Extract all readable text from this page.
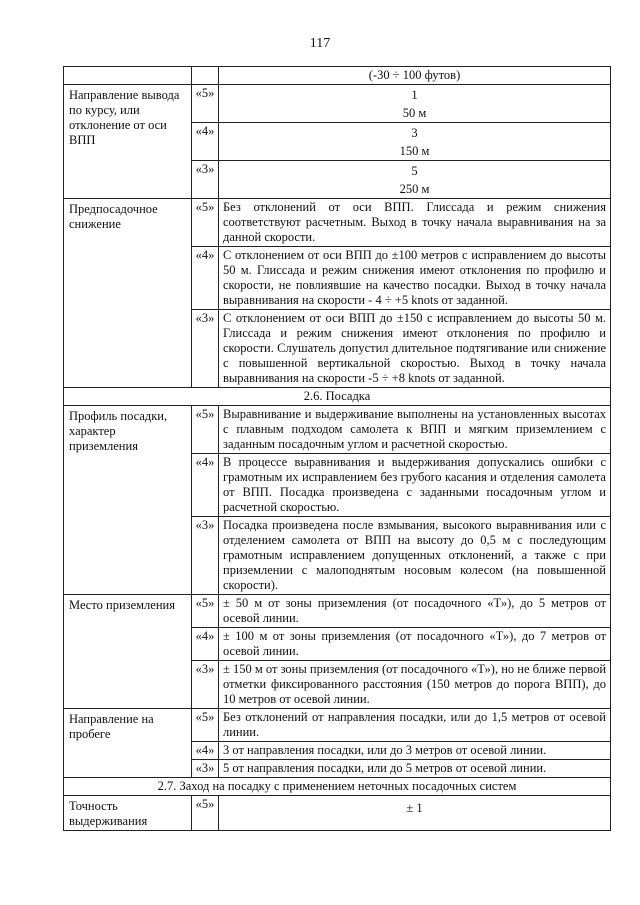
117
		(-30 ÷ 100 футов)
Направление вывода по курсу, или отклонение от оси ВПП	«5»	1
50 м

	«4»	3
150 м

	«3»	5
250 м

Предпосадочное снижение	«5»	Без отклонений от оси ВПП. Глиссада и режим снижения соответствуют расчетным. Выход в точку начала выравнивания на за данной скорости.
	«4»	С отклонением от оси ВПП до ±100 метров с исправлением до высоты 50 м. Глиссада и режим снижения имеют отклонения по профилю и скорости, не повлиявшие на качество посадки. Выход в точку начала выравнивания на скорости - 4 ÷ +5 knots от заданной.
	«3»	С отклонением от оси ВПП до ±150 с исправлением до высоты 50 м. Глиссада и режим снижения имеют отклонения по профилю и скорости. Слушатель допустил длительное подтягивание или снижение с повышенной вертикальной скоростью. Выход в точку начала выравнивания на скорости -5 ÷ +8 knots от заданной.
2.6. Посадка		
Профиль посадки, характер приземления	«5»	Выравнивание и выдерживание выполнены на установленных высотах с плавным подходом самолета к ВПП и мягким приземлением с заданным посадочным углом и расчетной скоростью.
	«4»	В процессе выравнивания и выдерживания допускались ошибки с грамотным их исправлением без грубого касания и отделения самолета от ВПП. Посадка произведена с заданными посадочным углом и расчетной скоростью.
	«3»	Посадка произведена после взмывания, высокого выравнивания или с отделением самолета от ВПП на высоту до 0,5 м с последующим грамотным исправлением допущенных отклонений, а также с при приземлении с малоподнятым носовым колесом (на повышенной скорости).
Место приземления	«5»	± 50 м от зоны приземления (от посадочного «Т»), до 5 метров от осевой линии.
	«4»	± 100 м от зоны приземления (от посадочного «Т»), до 7 метров от осевой линии.
	«3»	± 150 м от зоны приземления (от посадочного «Т»), но не ближе первой отметки фиксированного расстояния (150 метров до порога ВПП), до 10 метров от осевой линии.
Направление на пробеге	«5»	Без отклонений от направления посадки, или до 1,5 метров от осевой линии.
	«4»	3 от направления посадки, или до 3 метров от осевой линии.
	«3»	5 от направления посадки, или до 5 метров от осевой линии.
2.7. Заход на посадку с применением неточных посадочных систем		
Точность выдерживания	«5»	± 1
